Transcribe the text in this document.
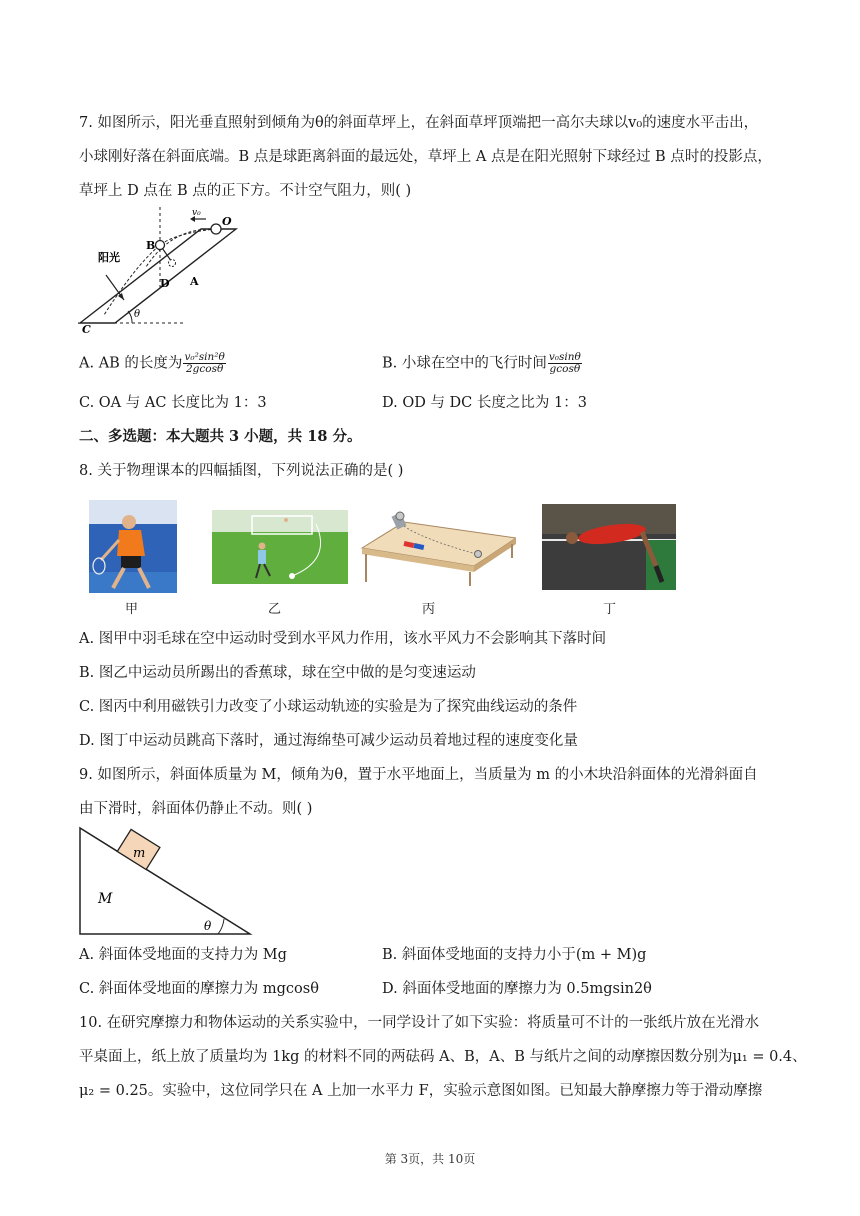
7. 如图所示，阳光垂直照射到倾角为θ的斜面草坪上，在斜面草坪顶端把一高尔夫球以v₀的速度水平击出，
小球刚好落在斜面底端。B 点是球距离斜面的最远处，草坪上 A 点是在阳光照射下球经过 B 点时的投影点，
草坪上 D 点在 B 点的正下方。不计空气阻力，则( )
O
v₀
B
D A
阳光
C
θ
A. AB 的长度为 $\frac{\text{v₀²sin²θ}}{2gcos\theta}$	B. 小球在空中的飞行时间 $\frac{\text{v₀sinθ}}{gcos\theta}$
C. OA 与 AC 长度比为 1：3	D. OD 与 DC 长度之比为 1：3
二、多选题：本大题共 3 小题，共 18 分。
8. 关于物理课本的四幅插图，下列说法正确的是( )
甲	乙	丙	丁
A. 图甲中羽毛球在空中运动时受到水平风力作用，该水平风力不会影响其下落时间
B. 图乙中运动员所踢出的香蕉球，球在空中做的是匀变速运动
C. 图丙中利用磁铁引力改变了小球运动轨迹的实验是为了探究曲线运动的条件
D. 图丁中运动员跳高下落时，通过海绵垫可减少运动员着地过程的速度变化量
9. 如图所示，斜面体质量为 M，倾角为θ，置于水平地面上，当质量为 m 的小木块沿斜面体的光滑斜面自
由下滑时，斜面体仍静止不动。则( )
m
M
θ
A. 斜面体受地面的支持力为 Mg	B. 斜面体受地面的支持力小于(m + M)g
C. 斜面体受地面的摩擦力为 mgcosθ	D. 斜面体受地面的摩擦力为 0.5mgsin2θ
10. 在研究摩擦力和物体运动的关系实验中，一同学设计了如下实验：将质量可不计的一张纸片放在光滑水
平桌面上，纸上放了质量均为 1kg 的材料不同的两砝码 A、B，A、B 与纸片之间的动摩擦因数分别为μ₁ = 0.4、
μ₂ = 0.25。实验中，这位同学只在 A 上加一水平力 F，实验示意图如图。已知最大静摩擦力等于滑动摩擦
第 3页，共 10页
